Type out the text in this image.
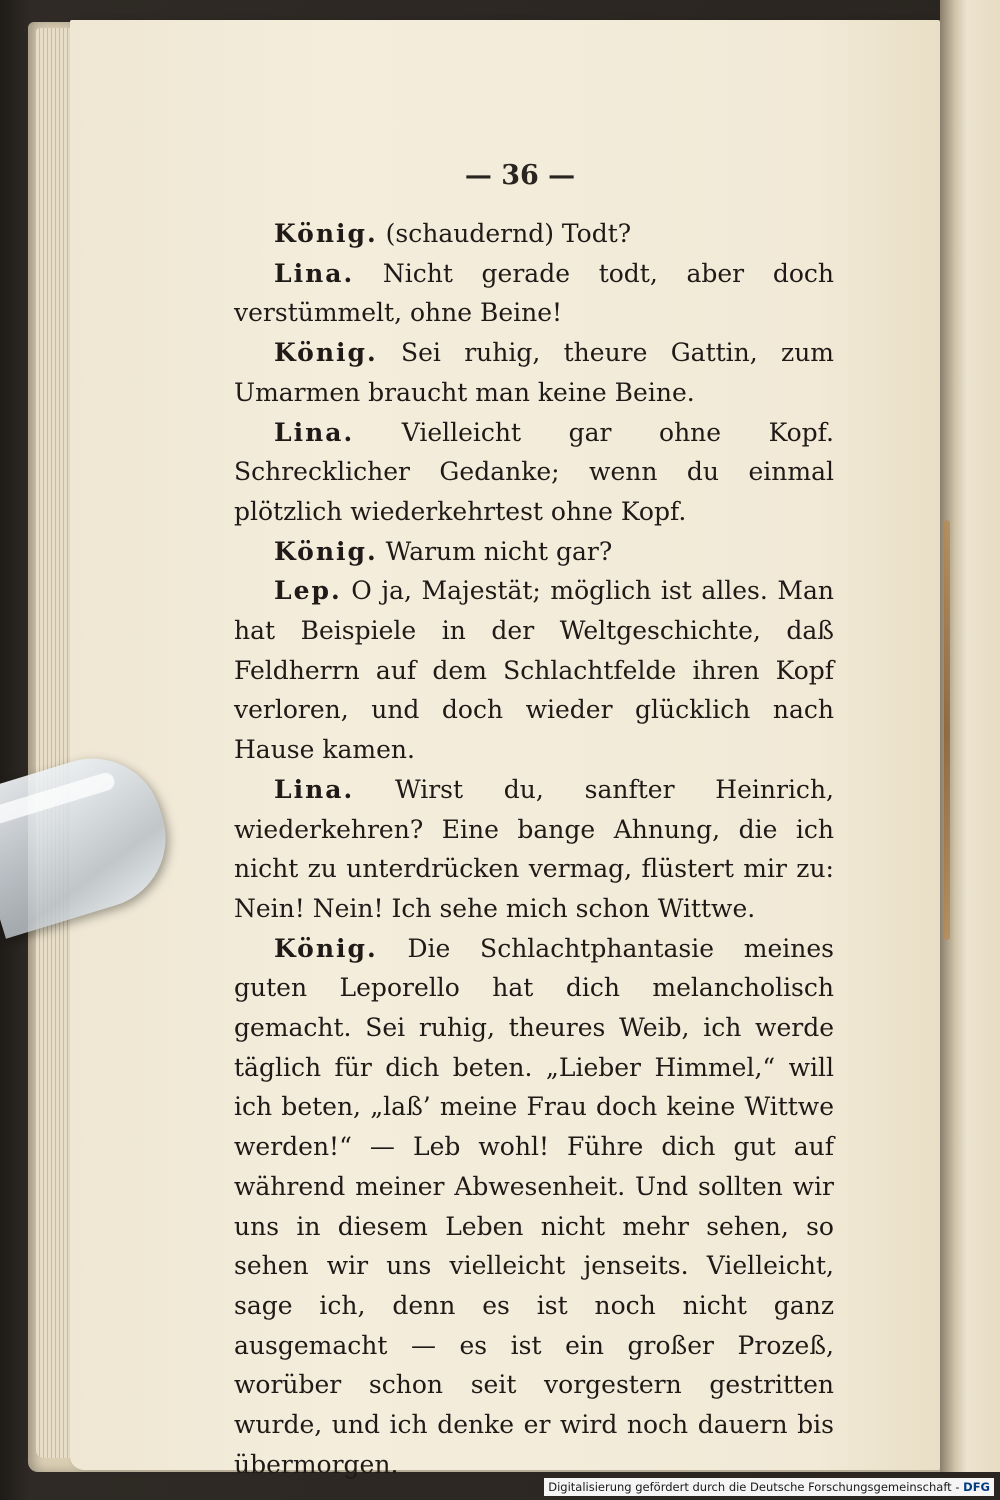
— 36 —

König. (schaudernd) Todt?

Lina. Nicht gerade todt, aber doch verstümmelt, ohne Beine!

König. Sei ruhig, theure Gattin, zum Umarmen braucht man keine Beine.

Lina. Vielleicht gar ohne Kopf. Schrecklicher Gedanke; wenn du einmal plötzlich wiederkehrtest ohne Kopf.

König. Warum nicht gar?

Lep. O ja, Majestät; möglich ist alles. Man hat Beispiele in der Weltgeschichte, daß Feldherrn auf dem Schlachtfelde ihren Kopf verloren, und doch wieder glücklich nach Hause kamen.

Lina. Wirst du, sanfter Heinrich, wiederkehren? Eine bange Ahnung, die ich nicht zu unterdrücken vermag, flüstert mir zu: Nein! Nein! Ich sehe mich schon Wittwe.

König. Die Schlachtphantasie meines guten Leporello hat dich melancholisch gemacht. Sei ruhig, theures Weib, ich werde täglich für dich beten. „Lieber Himmel,“ will ich beten, „laß’ meine Frau doch keine Wittwe werden!“ — Leb wohl! Führe dich gut auf während meiner Abwesenheit. Und sollten wir uns in diesem Leben nicht mehr sehen, so sehen wir uns vielleicht jenseits. Vielleicht, sage ich, denn es ist noch nicht ganz ausgemacht — es ist ein großer Prozeß, worüber schon seit vorgestern gestritten wurde, und ich denke er wird noch dauern bis übermorgen.

Digitalisierung gefördert durch die Deutsche Forschungsgemeinschaft - DFG
